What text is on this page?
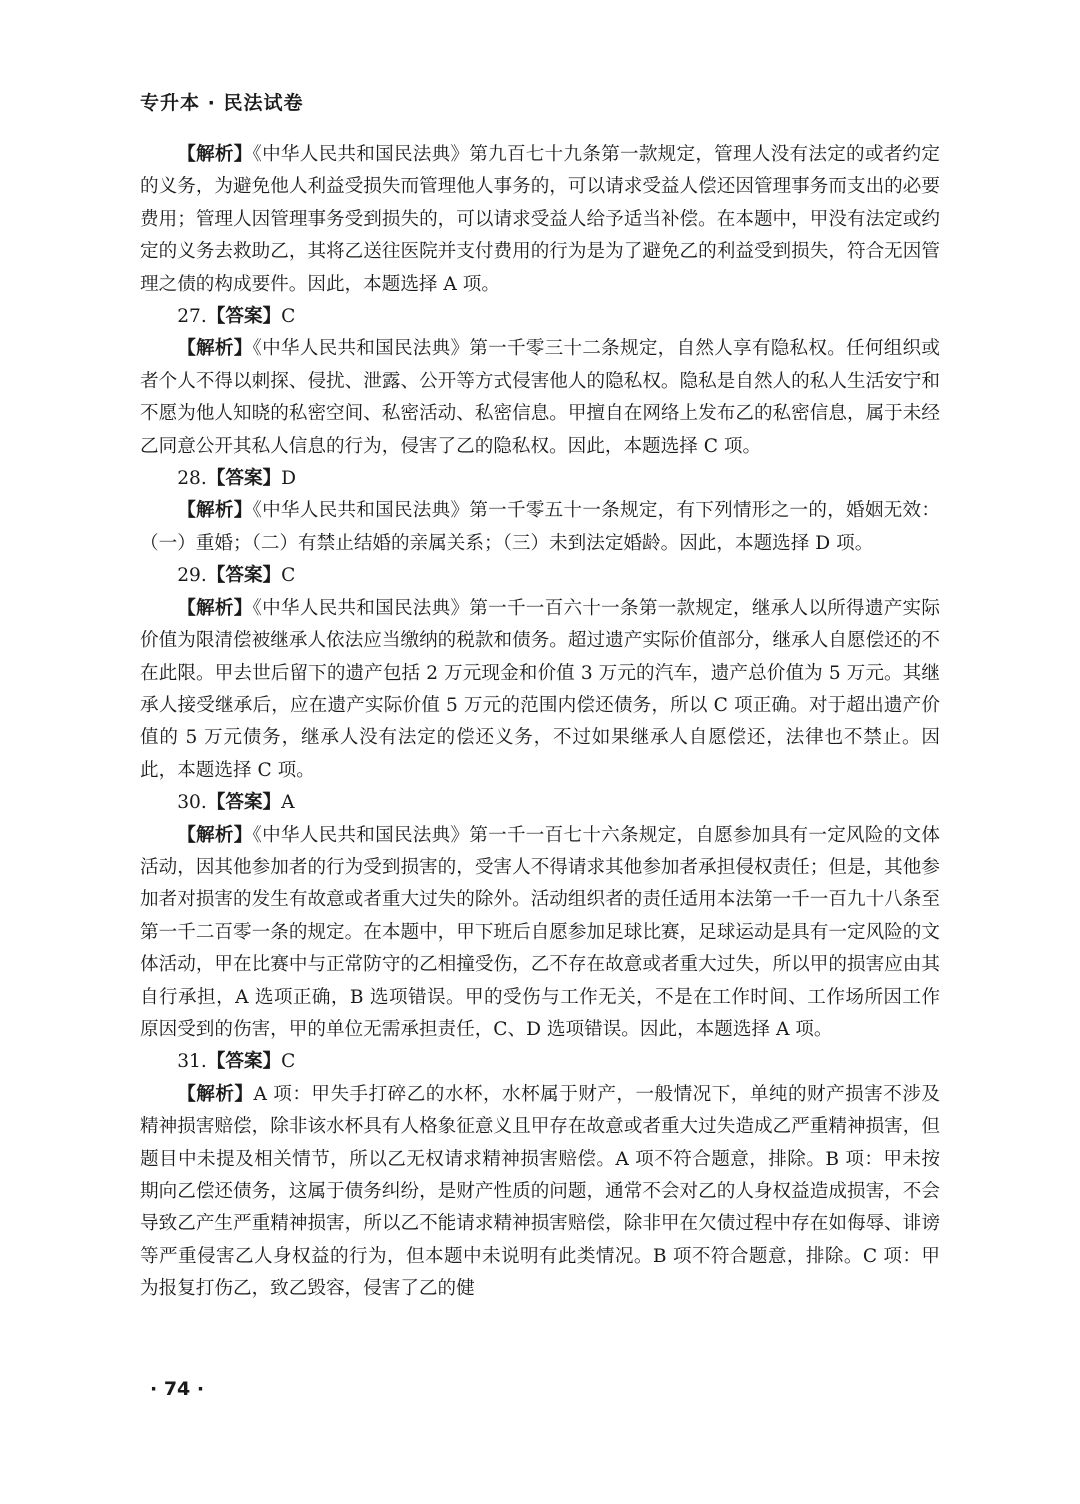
专升本 · 民法试卷

【解析】《中华人民共和国民法典》第九百七十九条第一款规定，管理人没有法定的或者约定的义务，为避免他人利益受损失而管理他人事务的，可以请求受益人偿还因管理事务而支出的必要费用；管理人因管理事务受到损失的，可以请求受益人给予适当补偿。在本题中，甲没有法定或约定的义务去救助乙，其将乙送往医院并支付费用的行为是为了避免乙的利益受到损失，符合无因管理之债的构成要件。因此，本题选择 A 项。

27.【答案】C

【解析】《中华人民共和国民法典》第一千零三十二条规定，自然人享有隐私权。任何组织或者个人不得以刺探、侵扰、泄露、公开等方式侵害他人的隐私权。隐私是自然人的私人生活安宁和不愿为他人知晓的私密空间、私密活动、私密信息。甲擅自在网络上发布乙的私密信息，属于未经乙同意公开其私人信息的行为，侵害了乙的隐私权。因此，本题选择 C 项。

28.【答案】D

【解析】《中华人民共和国民法典》第一千零五十一条规定，有下列情形之一的，婚姻无效：（一）重婚；（二）有禁止结婚的亲属关系；（三）未到法定婚龄。因此，本题选择 D 项。

29.【答案】C

【解析】《中华人民共和国民法典》第一千一百六十一条第一款规定，继承人以所得遗产实际价值为限清偿被继承人依法应当缴纳的税款和债务。超过遗产实际价值部分，继承人自愿偿还的不在此限。甲去世后留下的遗产包括 2 万元现金和价值 3 万元的汽车，遗产总价值为 5 万元。其继承人接受继承后，应在遗产实际价值 5 万元的范围内偿还债务，所以 C 项正确。对于超出遗产价值的 5 万元债务，继承人没有法定的偿还义务，不过如果继承人自愿偿还，法律也不禁止。因此，本题选择 C 项。

30.【答案】A

【解析】《中华人民共和国民法典》第一千一百七十六条规定，自愿参加具有一定风险的文体活动，因其他参加者的行为受到损害的，受害人不得请求其他参加者承担侵权责任；但是，其他参加者对损害的发生有故意或者重大过失的除外。活动组织者的责任适用本法第一千一百九十八条至第一千二百零一条的规定。在本题中，甲下班后自愿参加足球比赛，足球运动是具有一定风险的文体活动，甲在比赛中与正常防守的乙相撞受伤，乙不存在故意或者重大过失，所以甲的损害应由其自行承担，A 选项正确，B 选项错误。甲的受伤与工作无关，不是在工作时间、工作场所因工作原因受到的伤害，甲的单位无需承担责任，C、D 选项错误。因此，本题选择 A 项。

31.【答案】C

【解析】A 项：甲失手打碎乙的水杯，水杯属于财产，一般情况下，单纯的财产损害不涉及精神损害赔偿，除非该水杯具有人格象征意义且甲存在故意或者重大过失造成乙严重精神损害，但题目中未提及相关情节，所以乙无权请求精神损害赔偿。A 项不符合题意，排除。B 项：甲未按期向乙偿还债务，这属于债务纠纷，是财产性质的问题，通常不会对乙的人身权益造成损害，不会导致乙产生严重精神损害，所以乙不能请求精神损害赔偿，除非甲在欠债过程中存在如侮辱、诽谤等严重侵害乙人身权益的行为，但本题中未说明有此类情况。B 项不符合题意，排除。C 项：甲为报复打伤乙，致乙毁容，侵害了乙的健

· 74 ·
